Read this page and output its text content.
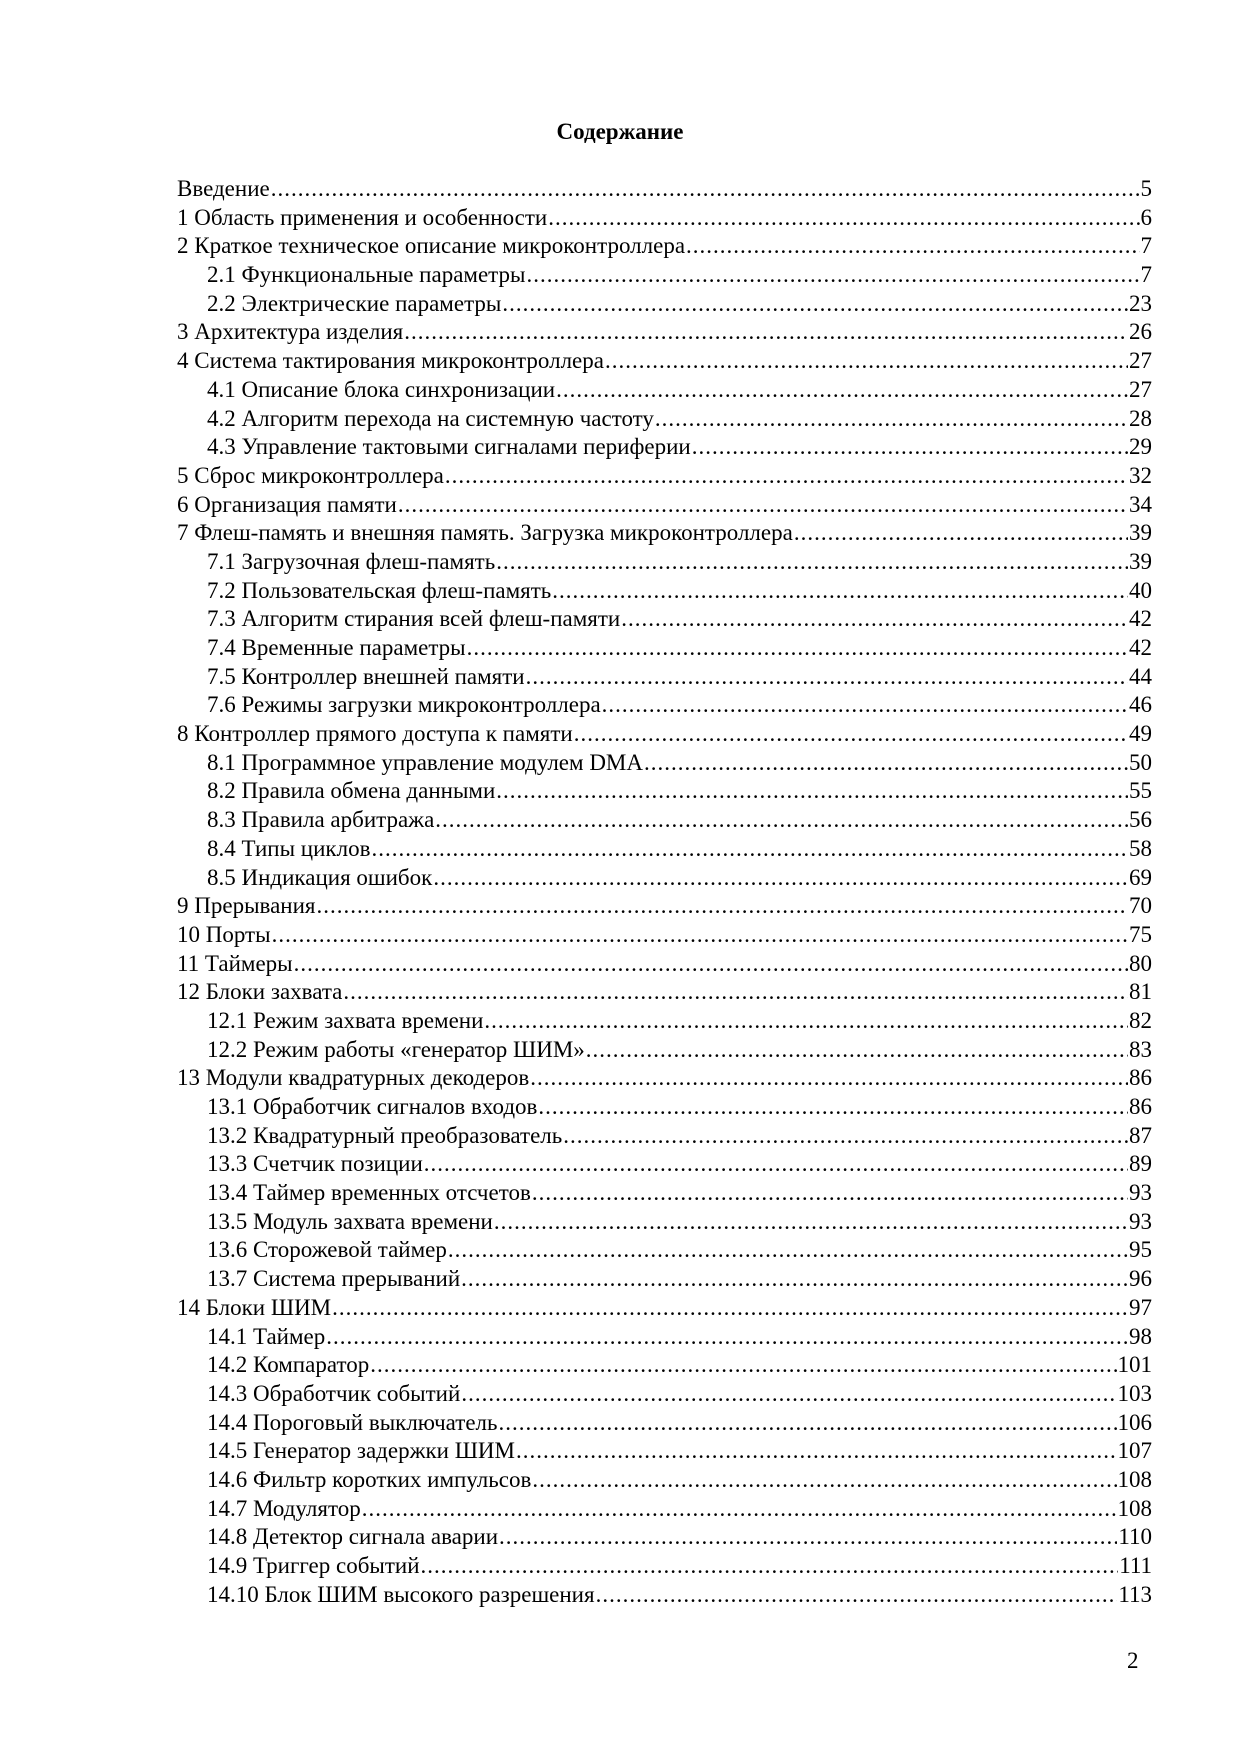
Содержание
Введение .....	5
1 Область применения и особенности .....	6
2 Краткое техническое описание микроконтроллера .....	7
2.1 Функциональные параметры .....	7
2.2 Электрические параметры .....	23
3 Архитектура изделия .....	26
4 Система тактирования микроконтроллера .....	27
4.1 Описание блока синхронизации .....	27
4.2 Алгоритм перехода на системную частоту .....	28
4.3 Управление тактовыми сигналами периферии .....	29
5 Сброс микроконтроллера .....	32
6 Организация памяти .....	34
7 Флеш-память и внешняя память. Загрузка микроконтроллера .....	39
7.1 Загрузочная флеш-память .....	39
7.2 Пользовательская флеш-память .....	40
7.3 Алгоритм стирания всей флеш-памяти .....	42
7.4 Временные параметры .....	42
7.5 Контроллер внешней памяти .....	44
7.6 Режимы загрузки микроконтроллера .....	46
8 Контроллер прямого доступа к памяти .....	49
8.1 Программное управление модулем DMA .....	50
8.2 Правила обмена данными .....	55
8.3 Правила арбитража .....	56
8.4 Типы циклов .....	58
8.5 Индикация ошибок .....	69
9 Прерывания .....	70
10 Порты .....	75
11 Таймеры .....	80
12 Блоки захвата .....	81
12.1 Режим захвата времени .....	82
12.2 Режим работы «генератор ШИМ» .....	83
13 Модули квадратурных декодеров .....	86
13.1 Обработчик сигналов входов .....	86
13.2 Квадратурный преобразователь .....	87
13.3 Счетчик позиции .....	89
13.4 Таймер временных отсчетов .....	93
13.5 Модуль захвата времени .....	93
13.6 Сторожевой таймер .....	95
13.7 Система прерываний .....	96
14 Блоки ШИМ .....	97
14.1 Таймер .....	98
14.2 Компаратор .....	101
14.3 Обработчик событий .....	103
14.4 Пороговый выключатель .....	106
14.5 Генератор задержки ШИМ .....	107
14.6 Фильтр коротких импульсов .....	108
14.7 Модулятор .....	108
14.8 Детектор сигнала аварии .....	110
14.9 Триггер событий .....	111
14.10 Блок ШИМ высокого разрешения .....	113
2
